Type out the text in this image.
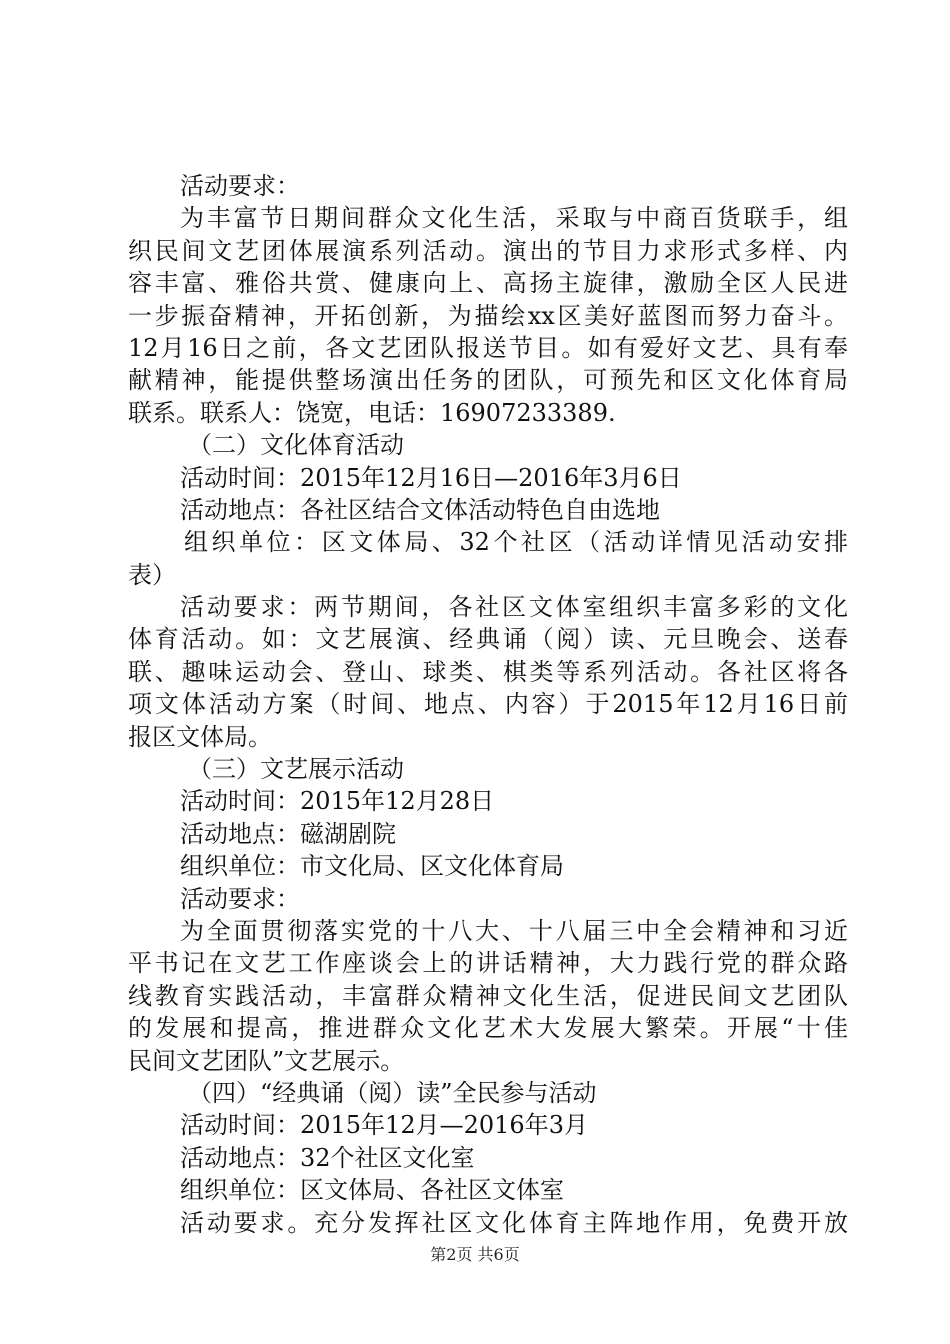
活动要求：
为丰富节日期间群众文化生活，采取与中商百货联手，组
织民间文艺团体展演系列活动。演出的节目力求形式多样、内
容丰富、雅俗共赏、健康向上、高扬主旋律，激励全区人民进
一步振奋精神，开拓创新，为描绘xx区美好蓝图而努力奋斗。
12月16日之前，各文艺团队报送节目。如有爱好文艺、具有奉
献精神，能提供整场演出任务的团队，可预先和区文化体育局
联系。联系人：饶宽，电话：16907233389.
（二）文化体育活动
活动时间：2015年12月16日—2016年3月6日
活动地点：各社区结合文体活动特色自由选地
组织单位：区文体局、32个社区（活动详情见活动安排
表）
活动要求：两节期间，各社区文体室组织丰富多彩的文化
体育活动。如：文艺展演、经典诵（阅）读、元旦晚会、送春
联、趣味运动会、登山、球类、棋类等系列活动。各社区将各
项文体活动方案（时间、地点、内容）于2015年12月16日前
报区文体局。
（三）文艺展示活动
活动时间：2015年12月28日
活动地点：磁湖剧院
组织单位：市文化局、区文化体育局
活动要求：
为全面贯彻落实党的十八大、十八届三中全会精神和习近
平书记在文艺工作座谈会上的讲话精神，大力践行党的群众路
线教育实践活动，丰富群众精神文化生活，促进民间文艺团队
的发展和提高，推进群众文化艺术大发展大繁荣。开展“十佳
民间文艺团队”文艺展示。
（四）“经典诵（阅）读”全民参与活动
活动时间：2015年12月—2016年3月
活动地点：32个社区文化室
组织单位：区文体局、各社区文体室
活动要求。充分发挥社区文化体育主阵地作用，免费开放
第2页 共6页
